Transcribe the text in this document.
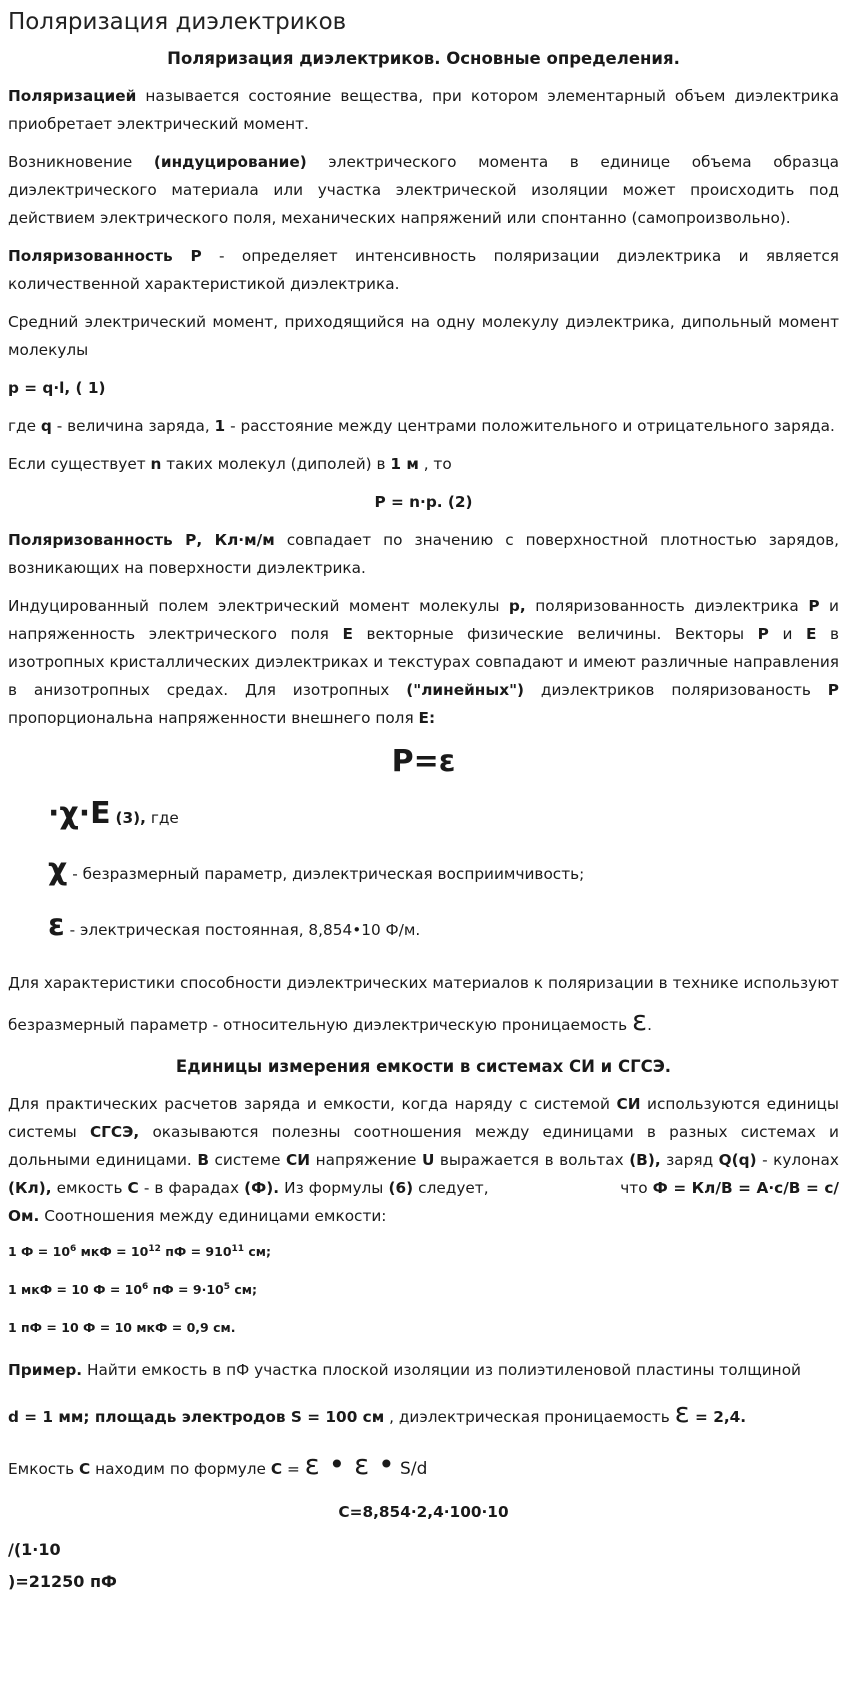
Поляризация диэлектриков
Поляризация диэлектриков. Основные определения.

Поляризацией называется состояние вещества, при котором элементарный объем диэлектрика приобретает электрический момент.

Возникновение (индуцирование) электрического момента в единице объема образца диэлектрического материала или участка электрической изоляции может происходить под действием электрического поля, механических напряжений или спонтанно (самопроизвольно).

Поляризованность Р - определяет интенсивность поляризации диэлектрика и является количественной характеристикой диэлектрика.

Средний электрический момент, приходящийся на одну молекулу диэлектрика, дипольный момент молекулы

p = q·l, ( 1)

где q - величина заряда, 1 - расстояние между центрами положительного и отрицательного заряда.

Если существует n таких молекул (диполей) в 1 м , то

Р = n·p. (2)

Поляризованность Р, Кл·м/м совпадает по значению с поверхностной плотностью зарядов, возникающих на поверхности диэлектрика.

Индуцированный полем электрический момент молекулы p, поляризованность диэлектрика Р и напряженность электрического поля Е векторные физические величины. Векторы Р и Е в изотропных кристаллических диэлектриках и текстурах совпадают и имеют различные направления в анизотропных средах. Для изотропных ("линейных") диэлектриков поляризованость Р пропорциональна напряженности внешнего поля Е:

P=ε
·χ·E (3), где
χ - безразмерный параметр, диэлектрическая восприимчивость;
ε - электрическая постоянная, 8,854•10 Ф/м.

Для характеристики способности диэлектрических материалов к поляризации в технике используют безразмерный параметр - относительную диэлектрическую проницаемость ε.

Единицы измерения емкости в системах СИ и СГСЭ.

Для практических расчетов заряда и емкости, когда наряду с системой СИ используются единицы системы СГСЭ, оказываются полезны соотношения между единицами в разных системах и дольными единицами. В системе СИ напряжение U выражается в вольтах (В), заряд Q(q) - кулонах (Кл), емкость С - в фарадах (Ф). Из формулы (6) следует,                          что Ф = Кл/В = А·с/В = с/Ом. Соотношения между единицами емкости:

1 $Ф = 10^6$ мкФ = $10^{12}$ пФ = $910^{11}$ см;
1 мкФ = 10 $Ф = 10^6$ пФ = $9\cdot 10^5$ см;
1 пФ = 10 Ф = 10 мкФ = 0,9 см.

Пример. Найти емкость в пФ участка плоской изоляции из полиэтиленовой пластины толщиной

d = 1 мм; площадь электродов S = 100 см , диэлектрическая проницаемость ε = 2,4.

Емкость С находим по формуле С = ε • ε • S/d

С=8,854·2,4·100·10

/(1·10

)=21250 пФ
